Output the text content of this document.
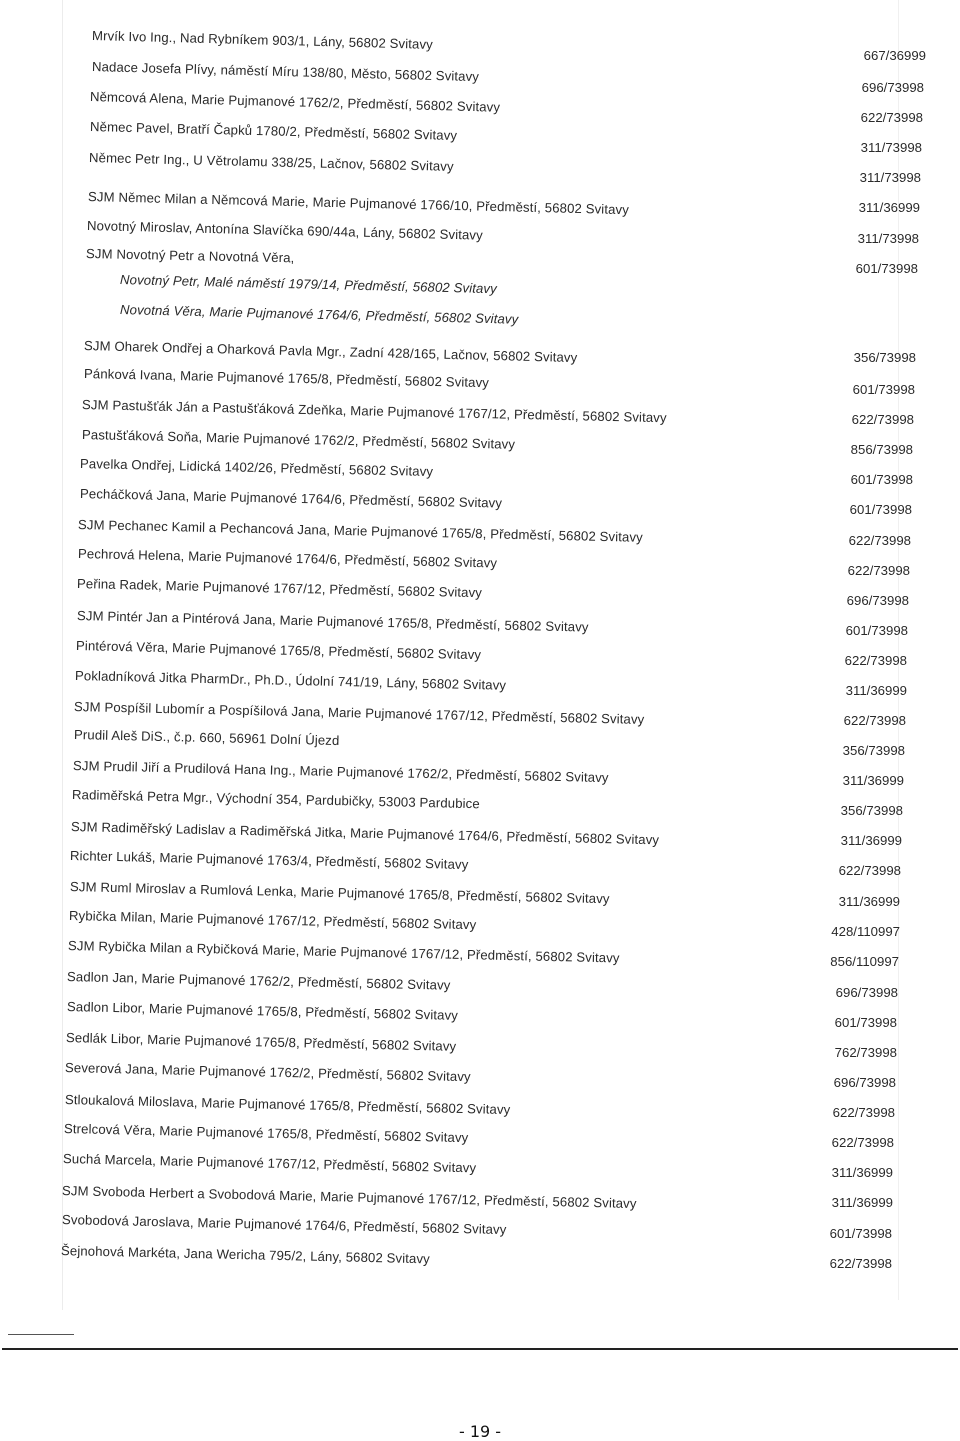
Mrvík Ivo Ing., Nad Rybníkem 903/1, Lány, 56802 Svitavy
Nadace Josefa Plívy, náměstí Míru 138/80, Město, 56802 Svitavy
Němcová Alena, Marie Pujmanové 1762/2, Předměstí, 56802 Svitavy
Němec Pavel, Bratří Čapků 1780/2, Předměstí, 56802 Svitavy
Němec Petr Ing., U Větrolamu 338/25, Lačnov, 56802 Svitavy
SJM Němec Milan a Němcová Marie, Marie Pujmanové 1766/10, Předměstí, 56802 Svitavy
Novotný Miroslav, Antonína Slavíčka 690/44a, Lány, 56802 Svitavy
SJM Novotný Petr a Novotná Věra,
Novotný Petr, Malé náměstí 1979/14, Předměstí, 56802 Svitavy
Novotná Věra, Marie Pujmanové 1764/6, Předměstí, 56802 Svitavy
SJM Oharek Ondřej a Oharková Pavla Mgr., Zadní 428/165, Lačnov, 56802 Svitavy
Pánková Ivana, Marie Pujmanové 1765/8, Předměstí, 56802 Svitavy
SJM Pastušťák Ján a Pastušťáková Zdeňka, Marie Pujmanové 1767/12, Předměstí, 56802 Svitavy
Pastušťáková Soňa, Marie Pujmanové 1762/2, Předměstí, 56802 Svitavy
Pavelka Ondřej, Lidická 1402/26, Předměstí, 56802 Svitavy
Pecháčková Jana, Marie Pujmanové 1764/6, Předměstí, 56802 Svitavy
SJM Pechanec Kamil a Pechancová Jana, Marie Pujmanové 1765/8, Předměstí, 56802 Svitavy
Pechrová Helena, Marie Pujmanové 1764/6, Předměstí, 56802 Svitavy
Peřina Radek, Marie Pujmanové 1767/12, Předměstí, 56802 Svitavy
SJM Pintér Jan a Pintérová Jana, Marie Pujmanové 1765/8, Předměstí, 56802 Svitavy
Pintérová Věra, Marie Pujmanové 1765/8, Předměstí, 56802 Svitavy
Pokladníková Jitka PharmDr., Ph.D., Údolní 741/19, Lány, 56802 Svitavy
SJM Pospíšil Lubomír a Pospíšilová Jana, Marie Pujmanové 1767/12, Předměstí, 56802 Svitavy
Prudil Aleš DiS., č.p. 660, 56961 Dolní Újezd
SJM Prudil Jiří a Prudilová Hana Ing., Marie Pujmanové 1762/2, Předměstí, 56802 Svitavy
Radiměřská Petra Mgr., Východní 354, Pardubičky, 53003 Pardubice
SJM Radiměřský Ladislav a Radiměřská Jitka, Marie Pujmanové 1764/6, Předměstí, 56802 Svitavy
Richter Lukáš, Marie Pujmanové 1763/4, Předměstí, 56802 Svitavy
SJM Ruml Miroslav a Rumlová Lenka, Marie Pujmanové 1765/8, Předměstí, 56802 Svitavy
Rybička Milan, Marie Pujmanové 1767/12, Předměstí, 56802 Svitavy
SJM Rybička Milan a Rybičková Marie, Marie Pujmanové 1767/12, Předměstí, 56802 Svitavy
Sadlon Jan, Marie Pujmanové 1762/2, Předměstí, 56802 Svitavy
Sadlon Libor, Marie Pujmanové 1765/8, Předměstí, 56802 Svitavy
Sedlák Libor, Marie Pujmanové 1765/8, Předměstí, 56802 Svitavy
Severová Jana, Marie Pujmanové 1762/2, Předměstí, 56802 Svitavy
Stloukalová Miloslava, Marie Pujmanové 1765/8, Předměstí, 56802 Svitavy
Strelcová Věra, Marie Pujmanové 1765/8, Předměstí, 56802 Svitavy
Suchá Marcela, Marie Pujmanové 1767/12, Předměstí, 56802 Svitavy
SJM Svoboda Herbert a Svobodová Marie, Marie Pujmanové 1767/12, Předměstí, 56802 Svitavy
Svobodová Jaroslava, Marie Pujmanové 1764/6, Předměstí, 56802 Svitavy
Šejnohová Markéta, Jana Wericha 795/2, Lány, 56802 Svitavy
667/36999
696/73998
622/73998
311/73998
311/73998
311/36999
311/73998
601/73998
356/73998
601/73998
622/73998
856/73998
601/73998
601/73998
622/73998
622/73998
696/73998
601/73998
622/73998
311/36999
622/73998
356/73998
311/36999
356/73998
311/36999
622/73998
311/36999
428/110997
856/110997
696/73998
601/73998
762/73998
696/73998
622/73998
622/73998
311/36999
311/36999
601/73998
622/73998
- 19 -
